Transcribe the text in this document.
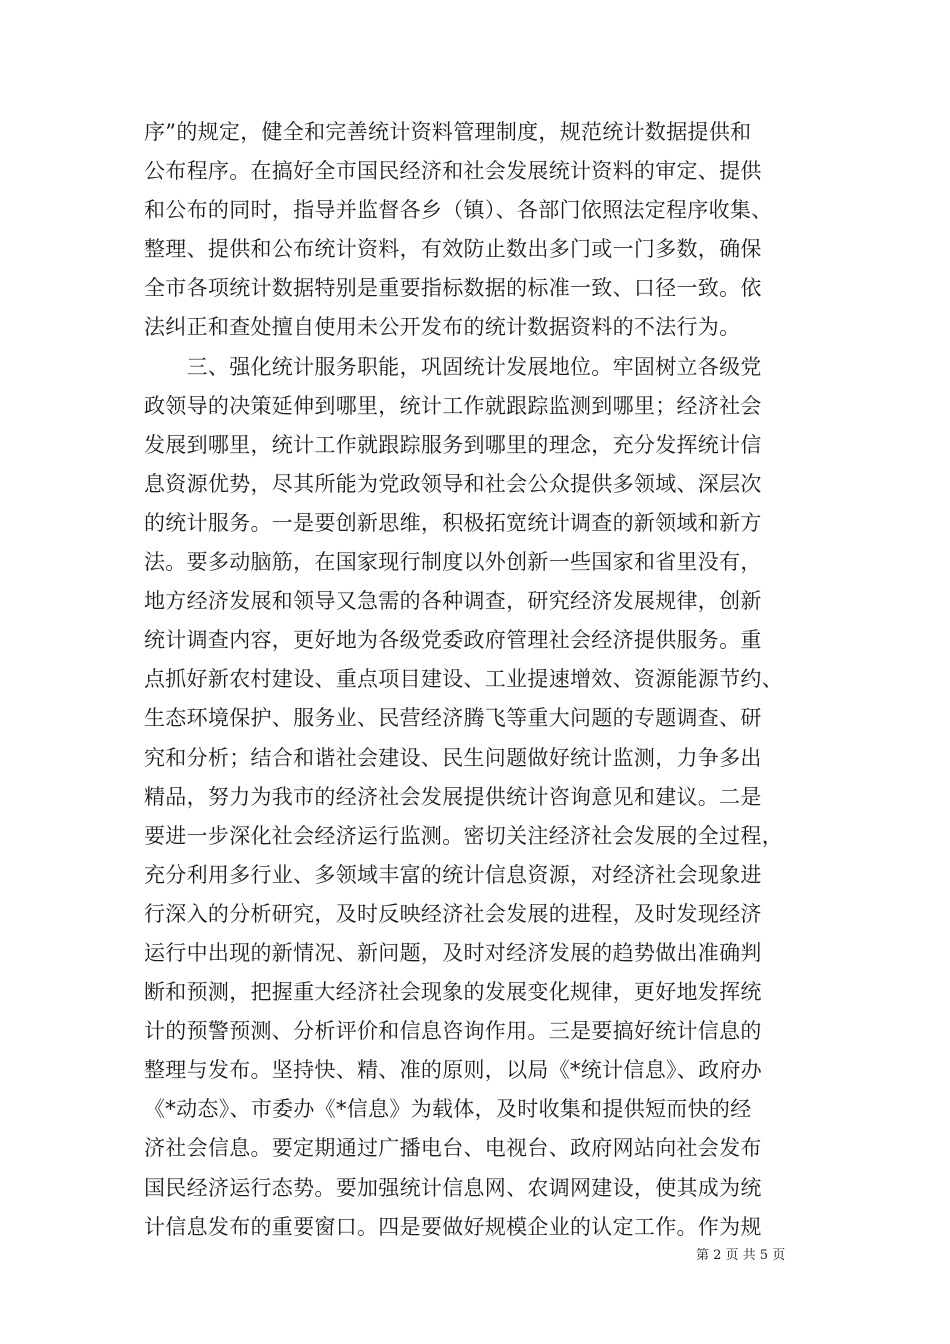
序”的规定，健全和完善统计资料管理制度，规范统计数据提供和
公布程序。在搞好全市国民经济和社会发展统计资料的审定、提供
和公布的同时，指导并监督各乡（镇）、各部门依照法定程序收集、
整理、提供和公布统计资料，有效防止数出多门或一门多数，确保
全市各项统计数据特别是重要指标数据的标准一致、口径一致。依
法纠正和查处擅自使用未公开发布的统计数据资料的不法行为。
　　三、强化统计服务职能，巩固统计发展地位。牢固树立各级党
政领导的决策延伸到哪里，统计工作就跟踪监测到哪里；经济社会
发展到哪里，统计工作就跟踪服务到哪里的理念，充分发挥统计信
息资源优势，尽其所能为党政领导和社会公众提供多领域、深层次
的统计服务。一是要创新思维，积极拓宽统计调查的新领域和新方
法。要多动脑筋，在国家现行制度以外创新一些国家和省里没有，
地方经济发展和领导又急需的各种调查，研究经济发展规律，创新
统计调查内容，更好地为各级党委政府管理社会经济提供服务。重
点抓好新农村建设、重点项目建设、工业提速增效、资源能源节约、
生态环境保护、服务业、民营经济腾飞等重大问题的专题调查、研
究和分析；结合和谐社会建设、民生问题做好统计监测，力争多出
精品，努力为我市的经济社会发展提供统计咨询意见和建议。二是
要进一步深化社会经济运行监测。密切关注经济社会发展的全过程，
充分利用多行业、多领域丰富的统计信息资源，对经济社会现象进
行深入的分析研究，及时反映经济社会发展的进程，及时发现经济
运行中出现的新情况、新问题，及时对经济发展的趋势做出准确判
断和预测，把握重大经济社会现象的发展变化规律，更好地发挥统
计的预警预测、分析评价和信息咨询作用。三是要搞好统计信息的
整理与发布。坚持快、精、准的原则，以局《*统计信息》、政府办
《*动态》、市委办《*信息》为载体，及时收集和提供短而快的经
济社会信息。要定期通过广播电台、电视台、政府网站向社会发布
国民经济运行态势。要加强统计信息网、农调网建设，使其成为统
计信息发布的重要窗口。四是要做好规模企业的认定工作。作为规
第 2 页 共 5 页
